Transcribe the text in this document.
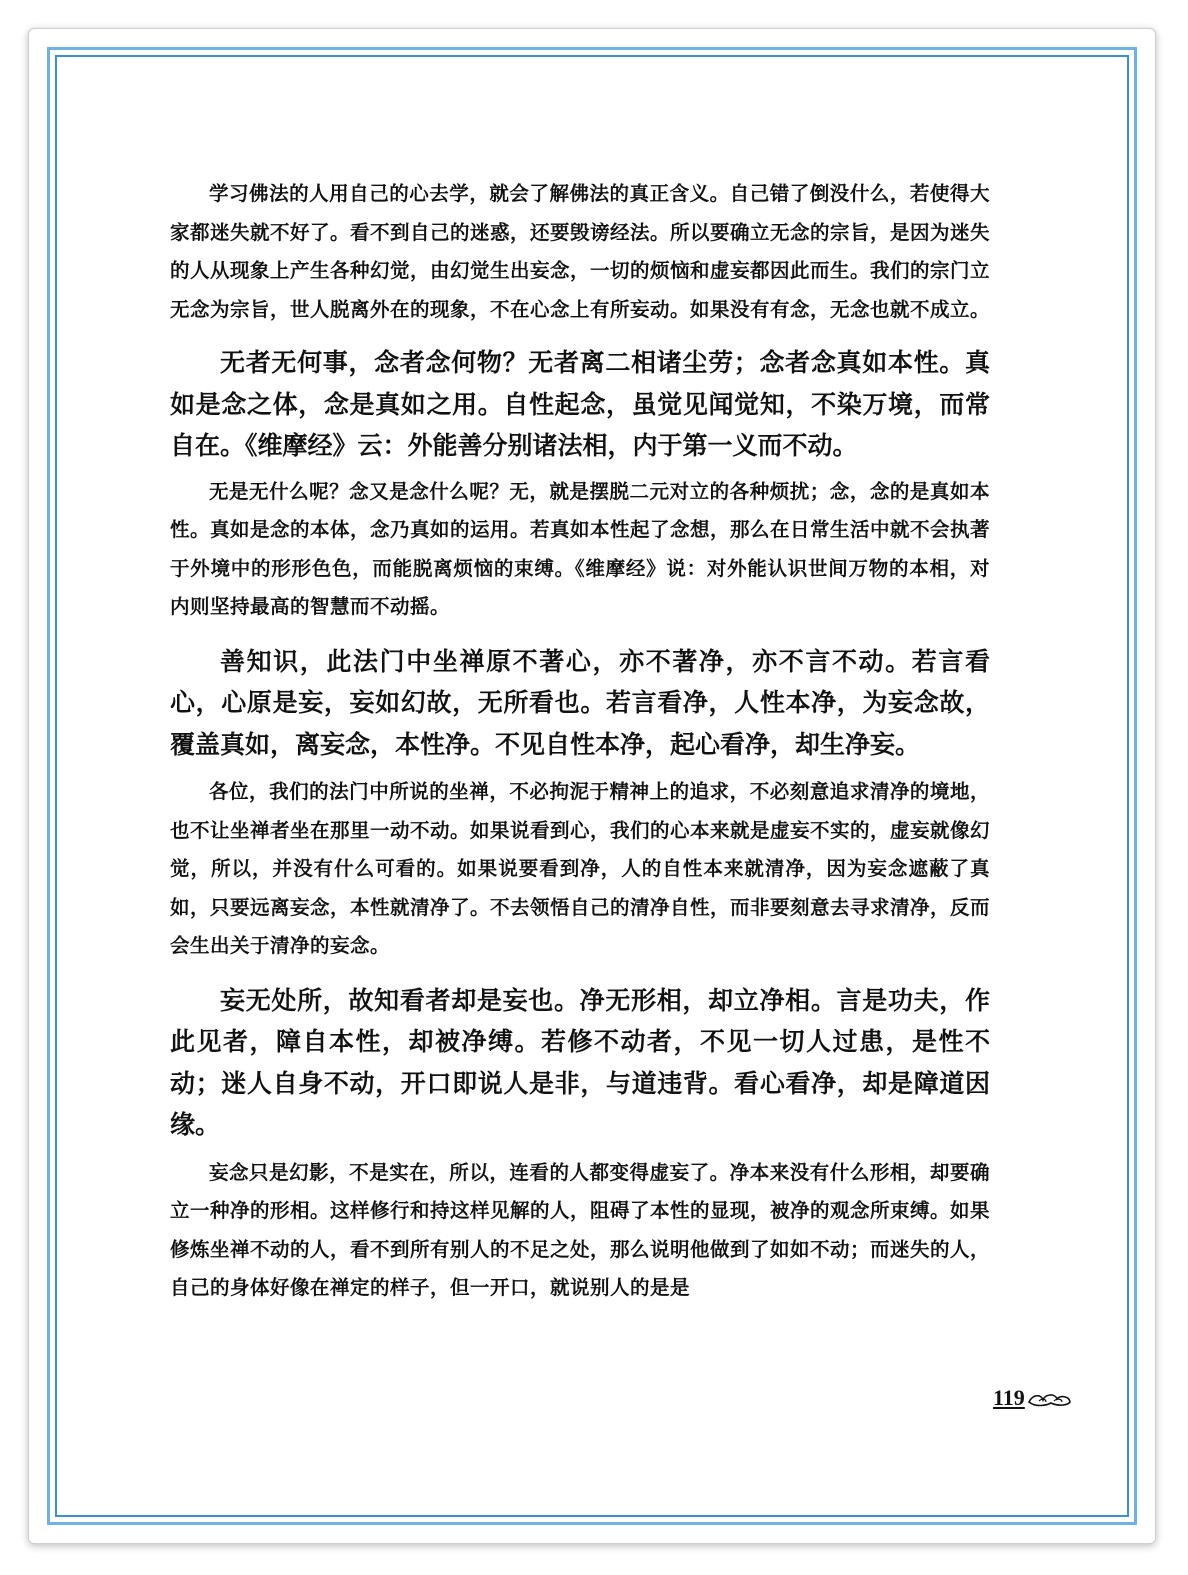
学习佛法的人用自己的心去学，就会了解佛法的真正含义。自己错了倒没什么，若使得大家都迷失就不好了。看不到自己的迷惑，还要毁谤经法。所以要确立无念的宗旨，是因为迷失的人从现象上产生各种幻觉，由幻觉生出妄念，一切的烦恼和虚妄都因此而生。我们的宗门立无念为宗旨，世人脱离外在的现象，不在心念上有所妄动。如果没有有念，无念也就不成立。

无者无何事，念者念何物？无者离二相诸尘劳；念者念真如本性。真如是念之体，念是真如之用。自性起念，虽觉见闻觉知，不染万境，而常自在。《维摩经》云：外能善分别诸法相，内于第一义而不动。

无是无什么呢？念又是念什么呢？无，就是摆脱二元对立的各种烦扰；念，念的是真如本性。真如是念的本体，念乃真如的运用。若真如本性起了念想，那么在日常生活中就不会执著于外境中的形形色色，而能脱离烦恼的束缚。《维摩经》说：对外能认识世间万物的本相，对内则坚持最高的智慧而不动摇。

善知识，此法门中坐禅原不著心，亦不著净，亦不言不动。若言看心，心原是妄，妄如幻故，无所看也。若言看净，人性本净，为妄念故，覆盖真如，离妄念，本性净。不见自性本净，起心看净，却生净妄。

各位，我们的法门中所说的坐禅，不必拘泥于精神上的追求，不必刻意追求清净的境地，也不让坐禅者坐在那里一动不动。如果说看到心，我们的心本来就是虚妄不实的，虚妄就像幻觉，所以，并没有什么可看的。如果说要看到净，人的自性本来就清净，因为妄念遮蔽了真如，只要远离妄念，本性就清净了。不去领悟自己的清净自性，而非要刻意去寻求清净，反而会生出关于清净的妄念。

妄无处所，故知看者却是妄也。净无形相，却立净相。言是功夫，作此见者，障自本性，却被净缚。若修不动者，不见一切人过患，是性不动；迷人自身不动，开口即说人是非，与道违背。看心看净，却是障道因缘。

妄念只是幻影，不是实在，所以，连看的人都变得虚妄了。净本来没有什么形相，却要确立一种净的形相。这样修行和持这样见解的人，阻碍了本性的显现，被净的观念所束缚。如果修炼坐禅不动的人，看不到所有别人的不足之处，那么说明他做到了如如不动；而迷失的人，自己的身体好像在禅定的样子，但一开口，就说别人的是是

119
